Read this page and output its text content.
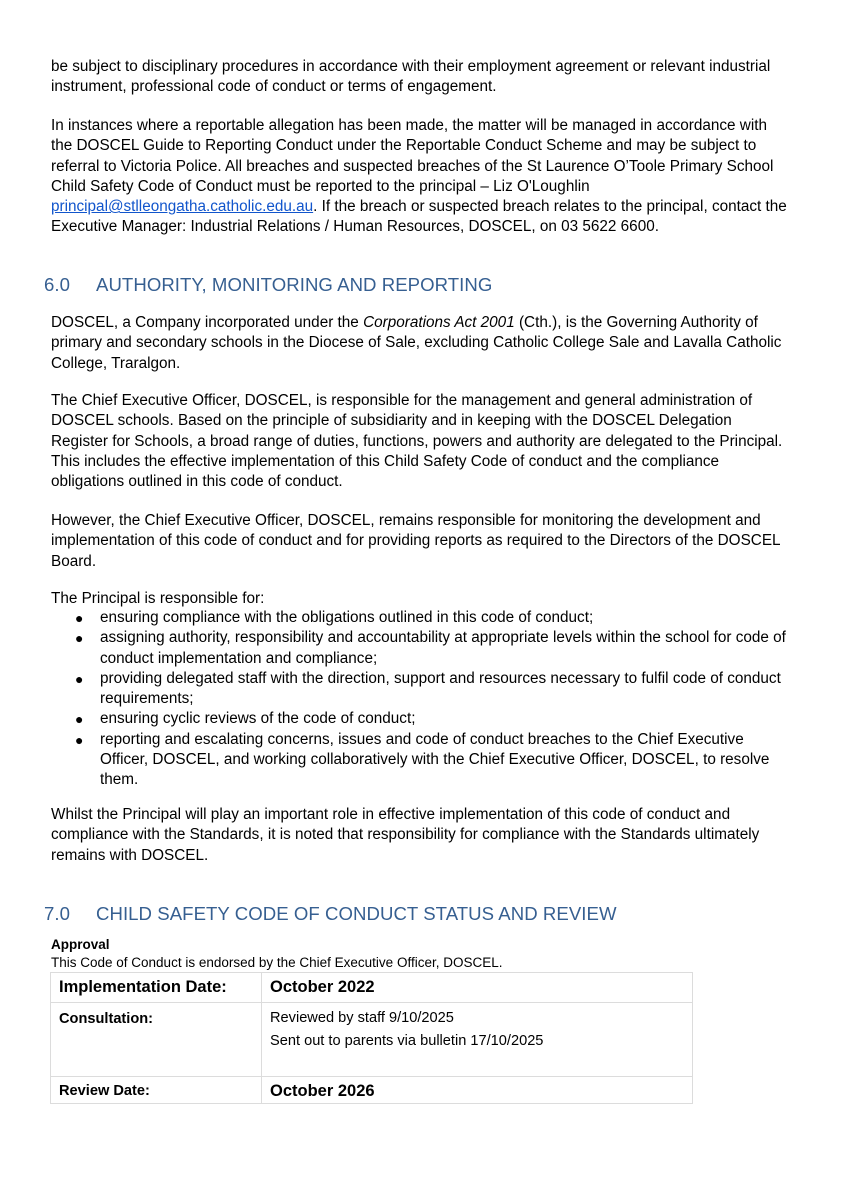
be subject to disciplinary procedures in accordance with their employment agreement or relevant industrial instrument, professional code of conduct or terms of engagement.

In instances where a reportable allegation has been made, the matter will be managed in accordance with the DOSCEL Guide to Reporting Conduct under the Reportable Conduct Scheme and may be subject to referral to Victoria Police. All breaches and suspected breaches of the St Laurence O’Toole Primary School Child Safety Code of Conduct must be reported to the principal – Liz O'Loughlin principal@stlleongatha.catholic.edu.au. If the breach or suspected breach relates to the principal, contact the Executive Manager: Industrial Relations / Human Resources, DOSCEL, on 03 5622 6600.

6.0 AUTHORITY, MONITORING AND REPORTING

DOSCEL, a Company incorporated under the Corporations Act 2001 (Cth.), is the Governing Authority of primary and secondary schools in the Diocese of Sale, excluding Catholic College Sale and Lavalla Catholic College, Traralgon.

The Chief Executive Officer, DOSCEL, is responsible for the management and general administration of DOSCEL schools. Based on the principle of subsidiarity and in keeping with the DOSCEL Delegation Register for Schools, a broad range of duties, functions, powers and authority are delegated to the Principal. This includes the effective implementation of this Child Safety Code of conduct and the compliance obligations outlined in this code of conduct.

However, the Chief Executive Officer, DOSCEL, remains responsible for monitoring the development and implementation of this code of conduct and for providing reports as required to the Directors of the DOSCEL Board.

The Principal is responsible for:

● ensuring compliance with the obligations outlined in this code of conduct;
● assigning authority, responsibility and accountability at appropriate levels within the school for code of conduct implementation and compliance;
● providing delegated staff with the direction, support and resources necessary to fulfil code of conduct requirements;
● ensuring cyclic reviews of the code of conduct;
● reporting and escalating concerns, issues and code of conduct breaches to the Chief Executive Officer, DOSCEL, and working collaboratively with the Chief Executive Officer, DOSCEL, to resolve them.

Whilst the Principal will play an important role in effective implementation of this code of conduct and compliance with the Standards, it is noted that responsibility for compliance with the Standards ultimately remains with DOSCEL.

7.0 CHILD SAFETY CODE OF CONDUCT STATUS AND REVIEW
Approval
This Code of Conduct is endorsed by the Chief Executive Officer, DOSCEL.
Implementation Date:	October 2022
Consultation:	Reviewed by staff 9/10/2025
Sent out to parents via bulletin 17/10/2025

Review Date:	October 2026
